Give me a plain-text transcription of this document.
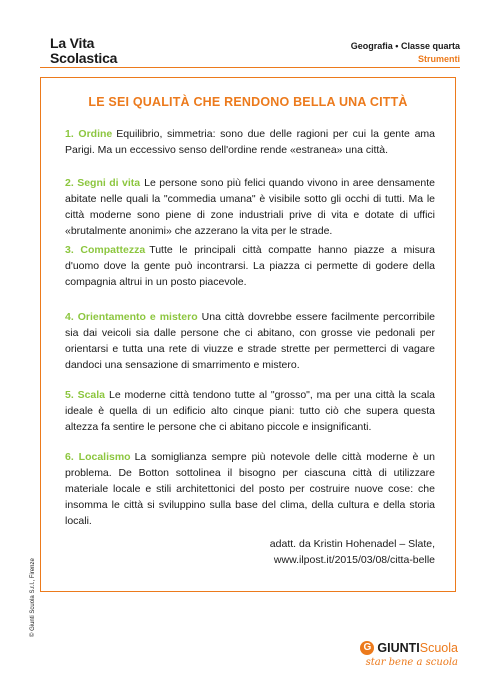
La Vita
Scolastica
Geografia • Classe quarta
Strumenti
LE SEI QUALITÀ CHE RENDONO BELLA UNA CITTÀ

1. Ordine Equilibrio, simmetria: sono due delle ragioni per cui la gente ama Parigi. Ma un eccessivo senso dell'ordine rende «estranea» una città.

2. Segni di vita Le persone sono più felici quando vivono in aree densamente abitate nelle quali la "commedia umana" è visibile sotto gli occhi di tutti. Ma le città moderne sono piene di zone industriali prive di vita e dotate di uffici «brutalmente anonimi» che azzerano la vita per le strade.

3. Compattezza Tutte le principali città compatte hanno piazze a misura d'uomo dove la gente può incontrarsi. La piazza ci permette di godere della compagnia altrui in un posto piacevole.

4. Orientamento e mistero Una città dovrebbe essere facilmente percorribile sia dai veicoli sia dalle persone che ci abitano, con grosse vie pedonali per orientarsi e tutta una rete di viuzze e strade strette per permetterci di vagare dandoci una sensazione di smarrimento e mistero.

5. Scala Le moderne città tendono tutte al "grosso", ma per una città la scala ideale è quella di un edificio alto cinque piani: tutto ciò che supera questa altezza fa sentire le persone che ci abitano piccole e insignificanti.

6. Localismo La somiglianza sempre più notevole delle città moderne è un problema. De Botton sottolinea il bisogno per ciascuna città di utilizzare materiale locale e stili architettonici del posto per costruire nuove cose: che insomma le città si sviluppino sulla base del clima, della cultura e della storia locali.

adatt. da Kristin Hohenadel – Slate,
www.ilpost.it/2015/03/08/citta-belle
© Giunti Scuola S.r.l., Firenze
G GIUNTI Scuola
star bene a scuola
